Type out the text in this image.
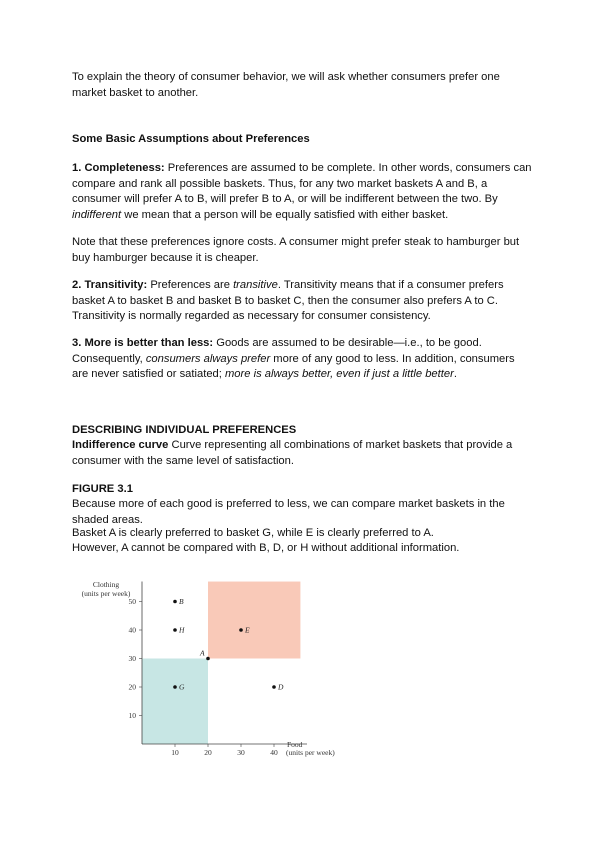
To explain the theory of consumer behavior, we will ask whether consumers prefer one market basket to another.

Some Basic Assumptions about Preferences

1. Completeness: Preferences are assumed to be complete. In other words, consumers can compare and rank all possible baskets. Thus, for any two market baskets A and B, a consumer will prefer A to B, will prefer B to A, or will be indifferent between the two. By indifferent we mean that a person will be equally satisfied with either basket.

Note that these preferences ignore costs. A consumer might prefer steak to hamburger but buy hamburger because it is cheaper.

2. Transitivity: Preferences are transitive. Transitivity means that if a consumer prefers basket A to basket B and basket B to basket C, then the consumer also prefers A to C. Transitivity is normally regarded as necessary for consumer consistency.

3. More is better than less: Goods are assumed to be desirable—i.e., to be good. Consequently, consumers always prefer more of any good to less. In addition, consumers are never satisfied or satiated; more is always better, even if just a little better.

DESCRIBING INDIVIDUAL PREFERENCES

Indifference curve Curve representing all combinations of market baskets that provide a consumer with the same level of satisfaction.

FIGURE 3.1

Because more of each good is preferred to less, we can compare market baskets in the shaded areas.

Basket A is clearly preferred to basket G, while E is clearly preferred to A.

However, A cannot be compared with B, D, or H without additional information.

10
20
30
40
50
10	20	30	40
B
H	E
A
G	D
Clothing
(units per week)
Food
(units per week)
